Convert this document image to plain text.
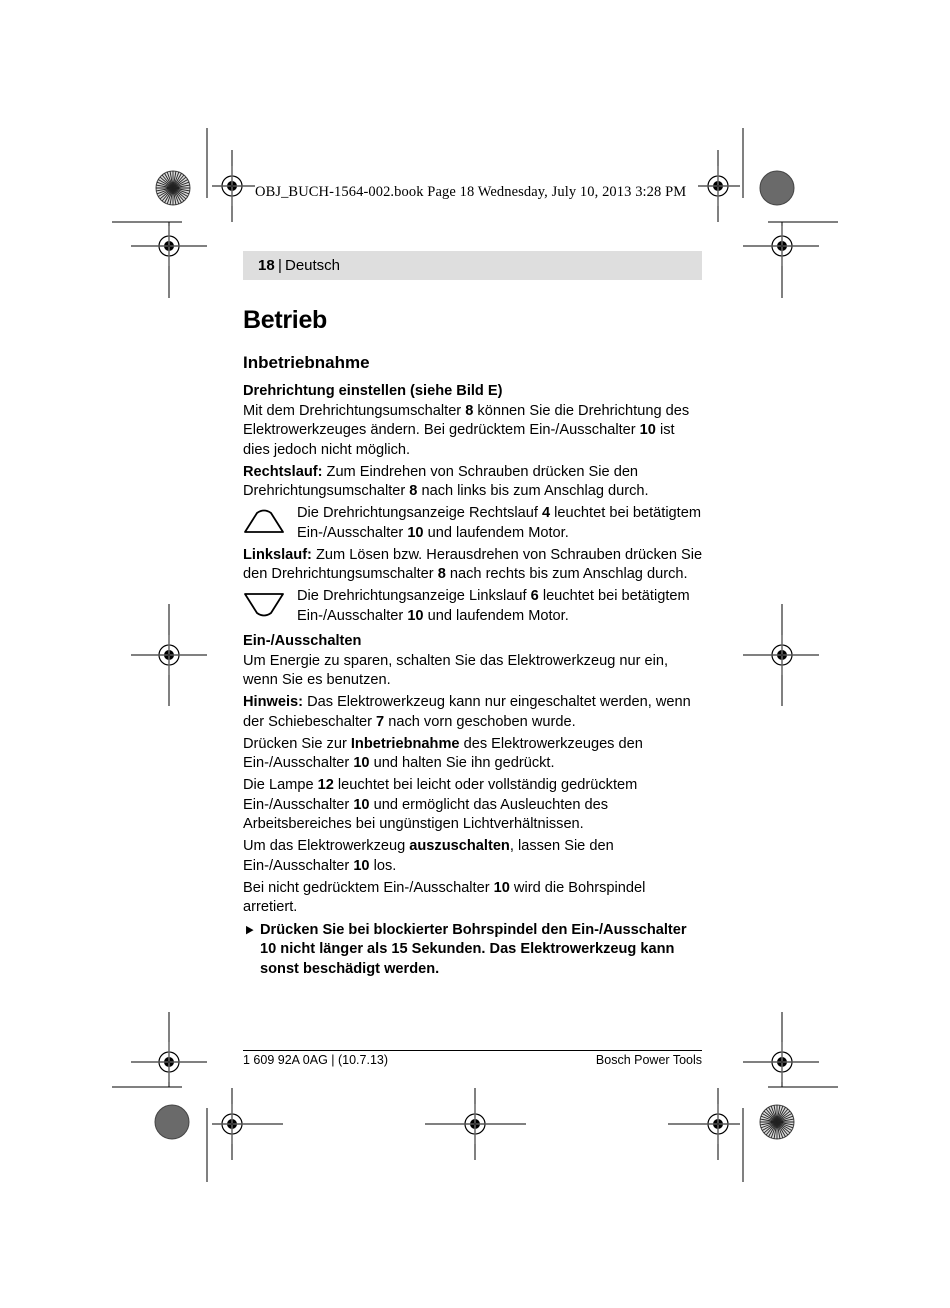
OBJ_BUCH-1564-002.book Page 18 Wednesday, July 10, 2013 3:28 PM
18 | Deutsch
Betrieb
Inbetriebnahme
Drehrichtung einstellen (siehe Bild E)

Mit dem Drehrichtungsumschalter 8 können Sie die Drehrichtung des Elektrowerkzeuges ändern. Bei gedrücktem Ein-/Ausschalter 10 ist dies jedoch nicht möglich.

Rechtslauf: Zum Eindrehen von Schrauben drücken Sie den Drehrichtungsumschalter 8 nach links bis zum Anschlag durch.

Die Drehrichtungsanzeige Rechtslauf 4 leuchtet bei betätigtem Ein-/Ausschalter 10 und laufendem Motor.

Linkslauf: Zum Lösen bzw. Herausdrehen von Schrauben drücken Sie den Drehrichtungsumschalter 8 nach rechts bis zum Anschlag durch.

Die Drehrichtungsanzeige Linkslauf 6 leuchtet bei betätigtem Ein-/Ausschalter 10 und laufendem Motor.
Ein-/Ausschalten

Um Energie zu sparen, schalten Sie das Elektrowerkzeug nur ein, wenn Sie es benutzen.

Hinweis: Das Elektrowerkzeug kann nur eingeschaltet werden, wenn der Schiebeschalter 7 nach vorn geschoben wurde.

Drücken Sie zur Inbetriebnahme des Elektrowerkzeuges den Ein-/Ausschalter 10 und halten Sie ihn gedrückt.

Die Lampe 12 leuchtet bei leicht oder vollständig gedrücktem Ein-/Ausschalter 10 und ermöglicht das Ausleuchten des Arbeitsbereiches bei ungünstigen Lichtverhältnissen.

Um das Elektrowerkzeug auszuschalten, lassen Sie den Ein-/Ausschalter 10 los.

Bei nicht gedrücktem Ein-/Ausschalter 10 wird die Bohrspindel arretiert.

▶ Drücken Sie bei blockierter Bohrspindel den Ein-/Ausschalter 10 nicht länger als 15 Sekunden. Das Elektrowerkzeug kann sonst beschädigt werden.
1 609 92A 0AG | (10.7.13)	Bosch Power Tools
